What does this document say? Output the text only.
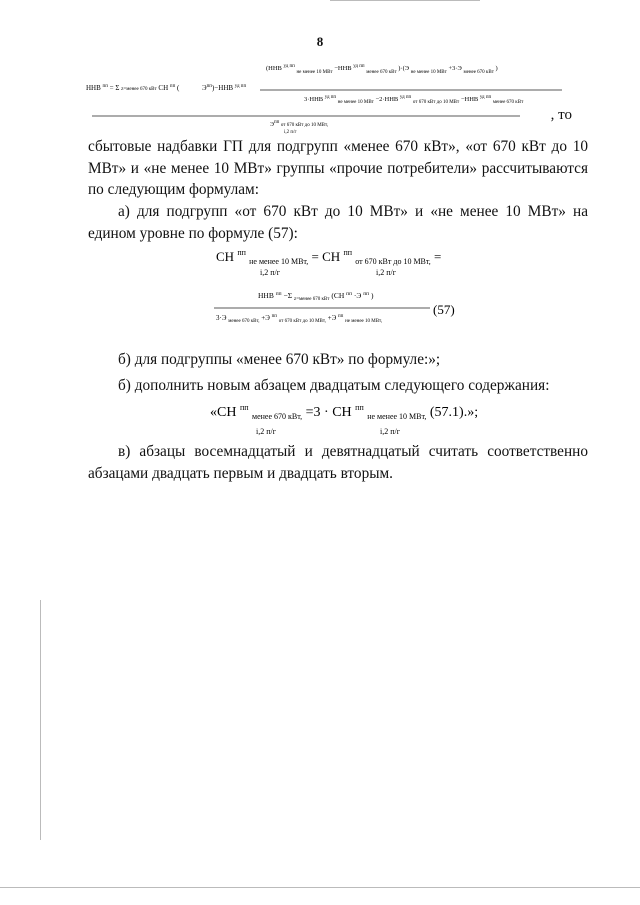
8
ННВ $^{пп}$ = Σ z=менее 670 кВт СН $^{пп}$ (	$Э^{пп})-ННВ$ $^{уд пп}$
(ННВ $^{уд пп}$ $_{не менее 10 МВт}$ −ННВ $^{уд пп}$ $_{менее 670 кВт}$ )·(Э $_{не менее 10 МВт}$ +3·Э $_{менее 670 кВт}$ )
3·ННВ $^{уд пп}$ $_{не менее 10 МВт}$ −2·ННВ $^{уд пп}$ $_{от 670 кВт до 10 МВт}$ −ННВ $^{уд пп}$ $_{менее 670 кВт}$
$Э^{пп}$ $_{от 670 кВт до 10 МВт,}$
i,2 п/г
, то

сбытовые надбавки ГП для подгрупп «менее 670 кВт», «от 670 кВт до 10 МВт» и «не менее 10 МВт» группы «прочие потребители» рассчитываются по следующим формулам:

а) для подгрупп «от 670 кВт до 10 МВт» и «не менее 10 МВт» на едином уровне по формуле (57):

СН $^{пп}$ $_{не менее 10 МВт,}$ = СН $^{пп}$ $_{от 670 кВт до 10 МВт,}$ =
i,2 п/г	i,2 п/г
ННВ $^{пп}$ −Σ $_{z=менее 670 кВт}$ (СН $^{пп}$ ·Э $^{пп}$ )
3·Э $_{менее 670 кВт,}$ +Э $^{пп}$ $_{от 670 кВт до 10 МВт,}$ +Э $^{пп}$ $_{не менее 10 МВт,}$
(57)

б) для подгруппы «менее 670 кВт» по формуле:»;

б) дополнить новым абзацем двадцатым следующего содержания:

«СН $^{пп}$ $_{менее 670 кВт,}$ =3 · СН $^{пп}$ $_{не менее 10 МВт,}$ (57.1).»;
i,2 п/г	i,2 п/г

в) абзацы восемнадцатый и девятнадцатый считать соответственно абзацами двадцать первым и двадцать вторым.
